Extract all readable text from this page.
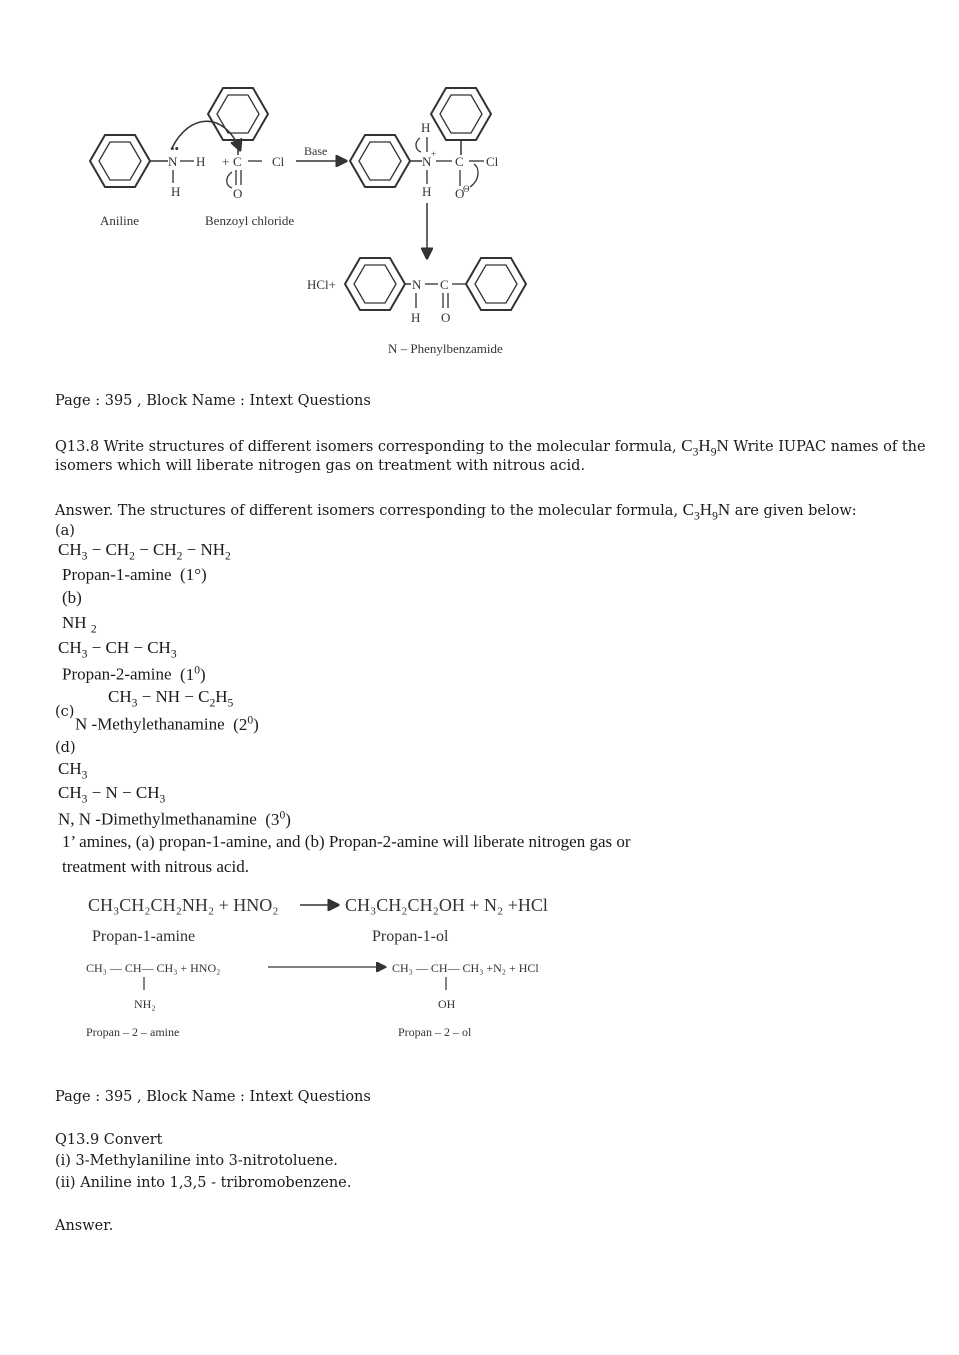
N
••
H
H + C Cl
O
Base
H
N +
H
C Cl
O
Θ
HCl+	N C
H O
Aniline	Benzoyl chloride
N – Phenylbenzamide
Page : 395 , Block Name : Intext Questions
Q13.8 Write structures of different isomers corresponding to the molecular formula, $C_3H_9N$ Write IUPAC names of the
isomers which will liberate nitrogen gas on treatment with nitrous acid.
Answer. The structures of different isomers corresponding to the molecular formula, $C_3H_9N$ are given below:
(a)
$CH_3 - CH_2 - CH_2 - NH_2$
Propan-1-amine (1°)
(b)
NH $_2$
$CH_3$ − CH − $CH_3$
Propan-2-amine $(1^0)$
$CH_3$ − NH − $C_2H_5$
(c)
N -Methylethanamine $(2^0)$
(d)
$CH_3$
$CH_3 - N - CH_3$
N, N -Dimethylmethanamine $(3^0)$
1’ amines, (a) propan-1-amine, and (b) Propan-2-amine will liberate nitrogen gas or
treatment with nitrous acid.
CH₃CH₂CH₂NH₂ + HNO₂	CH₃CH₂CH₂OH + N₂ +HCl
Propan-1-amine	Propan-1-ol
CH₃ — CH— CH₃ + HNO₂	CH₃ — CH— CH₃ +N₂ + HCl
NH₂	OH
Propan – 2 – amine	Propan – 2 – ol
Page : 395 , Block Name : Intext Questions
Q13.9 Convert
(i) 3-Methylaniline into 3-nitrotoluene.
(ii) Aniline into 1,3,5 - tribromobenzene.
Answer.
